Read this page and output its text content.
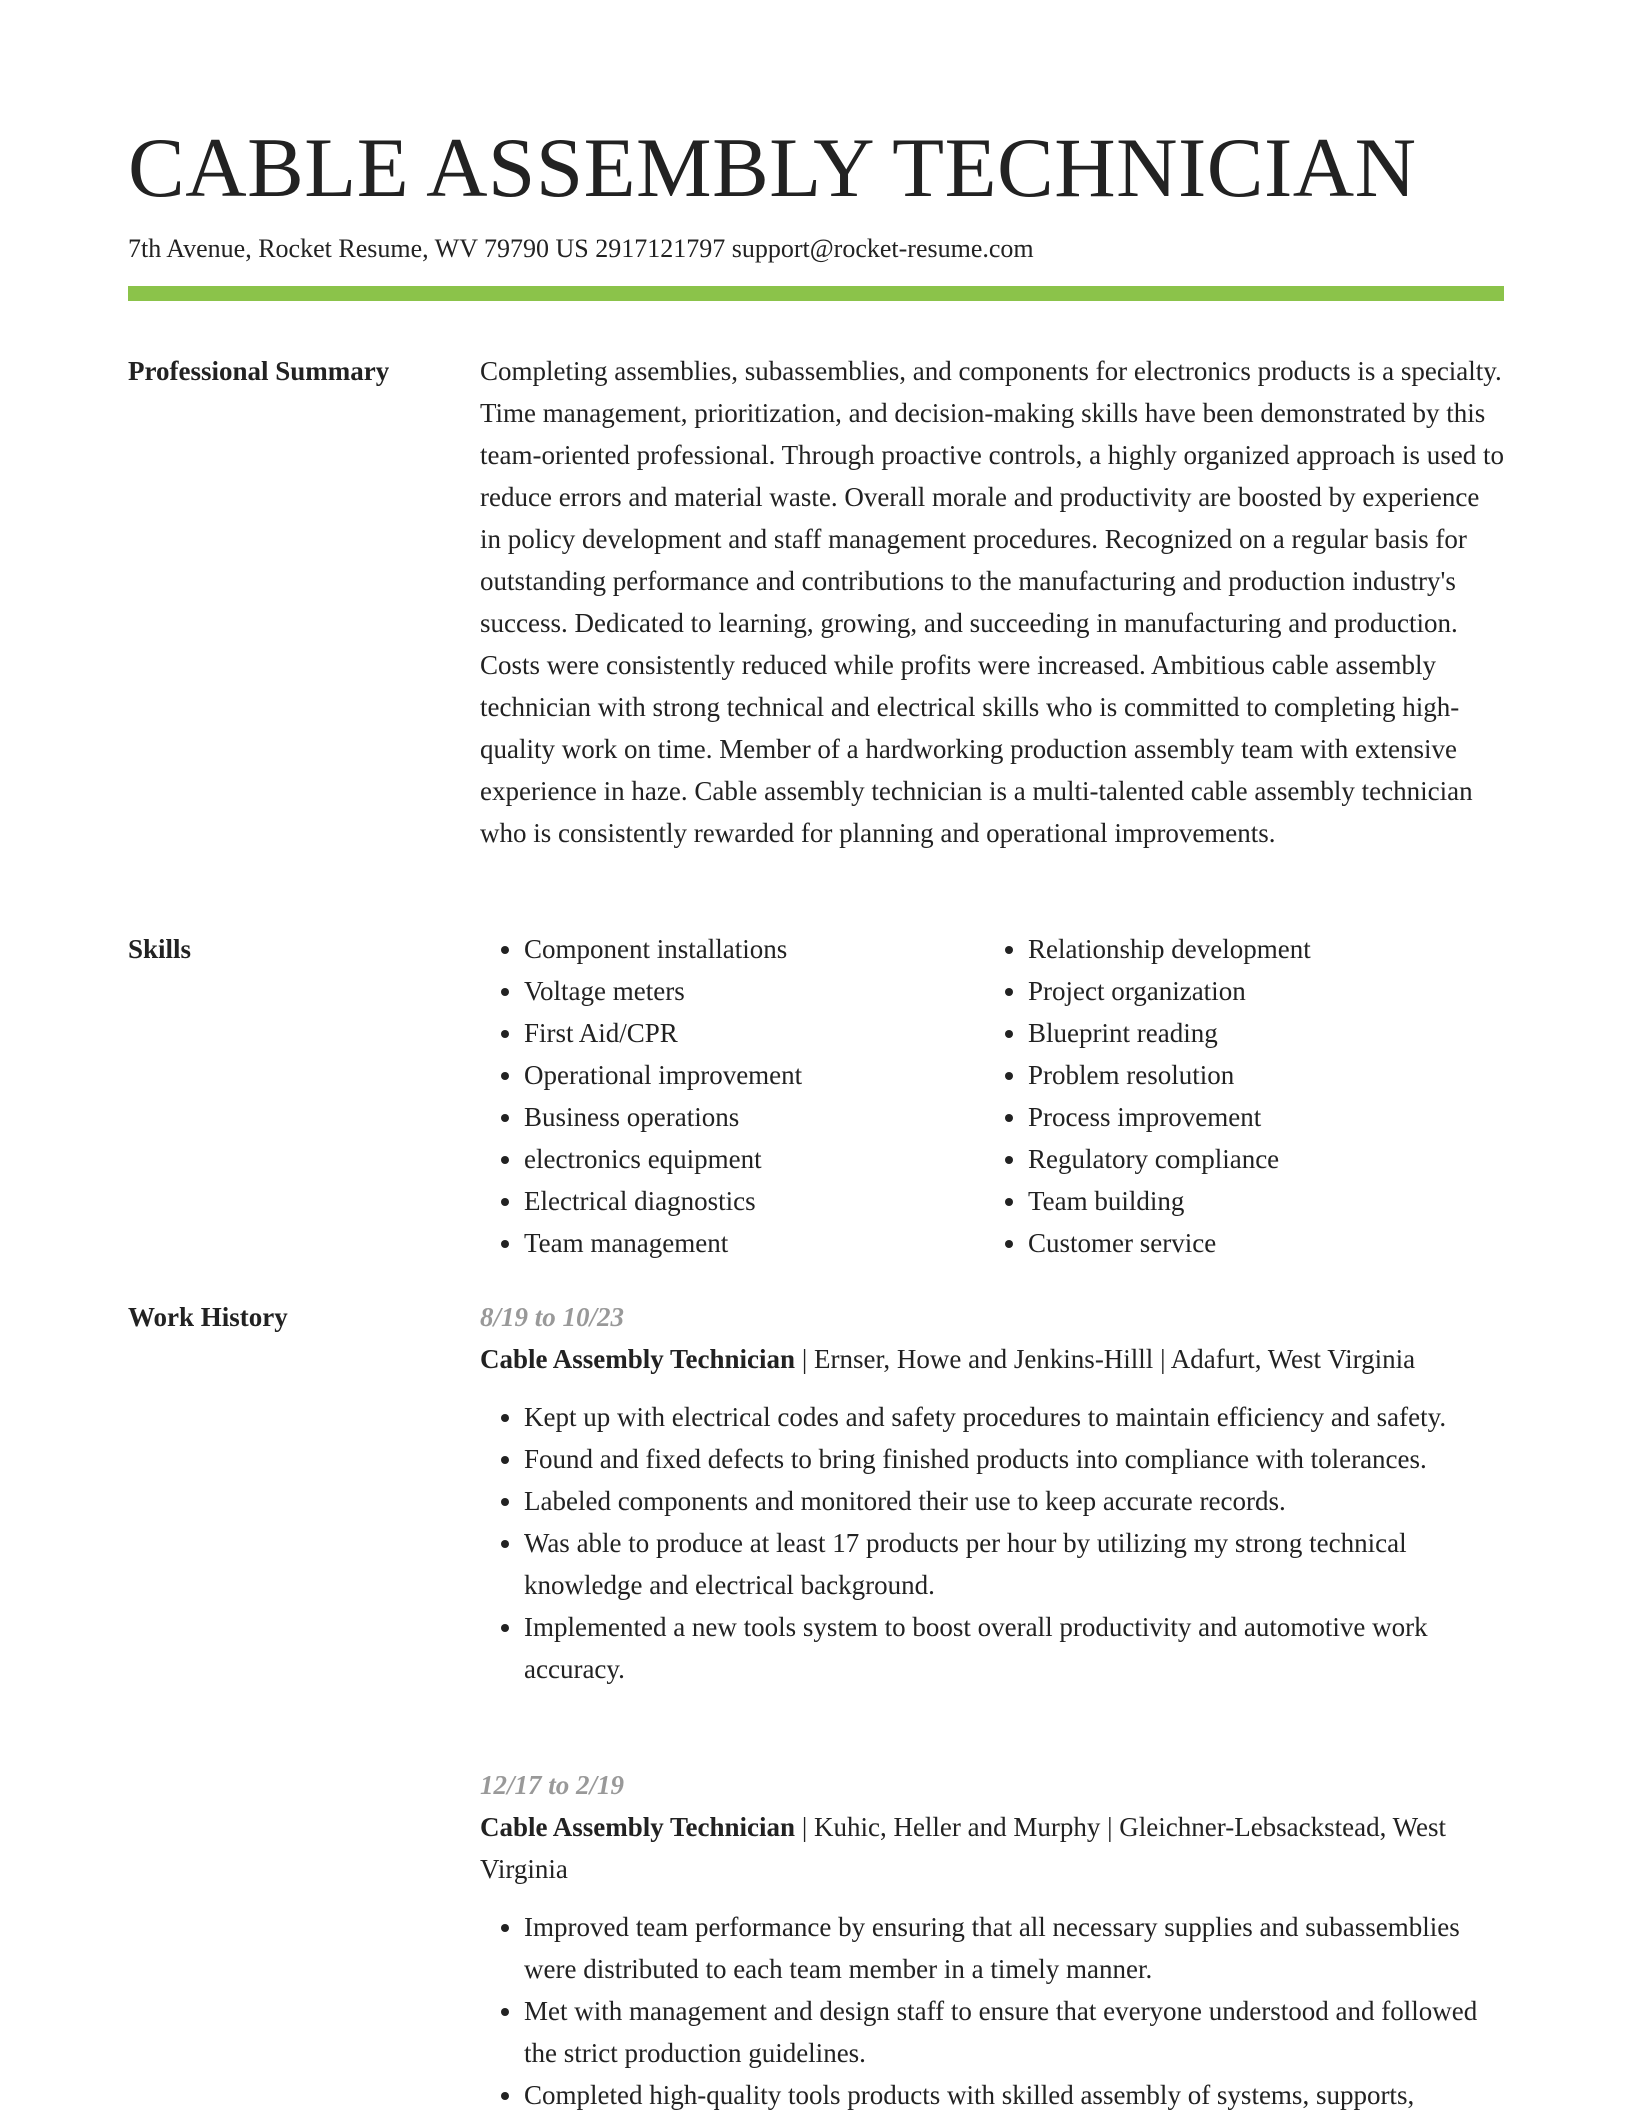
CABLE ASSEMBLY TECHNICIAN
7th Avenue, Rocket Resume, WV 79790 US 2917121797 support@rocket-resume.com
Professional Summary	Completing assemblies, subassemblies, and components for electronics products is a specialty. Time management, prioritization, and decision-making skills have been demonstrated by this team-oriented professional. Through proactive controls, a highly organized approach is used to reduce errors and material waste. Overall morale and productivity are boosted by experience in policy development and staff management procedures. Recognized on a regular basis for outstanding performance and contributions to the manufacturing and production industry's success. Dedicated to learning, growing, and succeeding in manufacturing and production. Costs were consistently reduced while profits were increased. Ambitious cable assembly technician with strong technical and electrical skills who is committed to completing high-quality work on time. Member of a hardworking production assembly team with extensive experience in haze. Cable assembly technician is a multi-talented cable assembly technician who is consistently rewarded for planning and operational improvements.

Skills
•	Component installations
• Voltage meters
• First Aid/CPR
• Operational improvement
• Business operations
• electronics equipment
• Electrical diagnostics
• Team management
• Relationship development
• Project organization
• Blueprint reading
• Problem resolution
• Process improvement
• Regulatory compliance
• Team building
• Customer service
Work History	8/19 to 10/23
Cable Assembly Technician | Ernser, Howe and Jenkins-Hilll | Adafurt, West Virginia
• Kept up with electrical codes and safety procedures to maintain efficiency and safety.
• Found and fixed defects to bring finished products into compliance with tolerances.
• Labeled components and monitored their use to keep accurate records.
• Was able to produce at least 17 products per hour by utilizing my strong technical knowledge and electrical background.
• Implemented a new tools system to boost overall productivity and automotive work accuracy.
12/17 to 2/19
Cable Assembly Technician | Kuhic, Heller and Murphy | Gleichner-Lebsackstead, West Virginia
• Improved team performance by ensuring that all necessary supplies and subassemblies were distributed to each team member in a timely manner.
• Met with management and design staff to ensure that everyone understood and followed the strict production guidelines.
• Completed high-quality tools products with skilled assembly of systems, supports,
